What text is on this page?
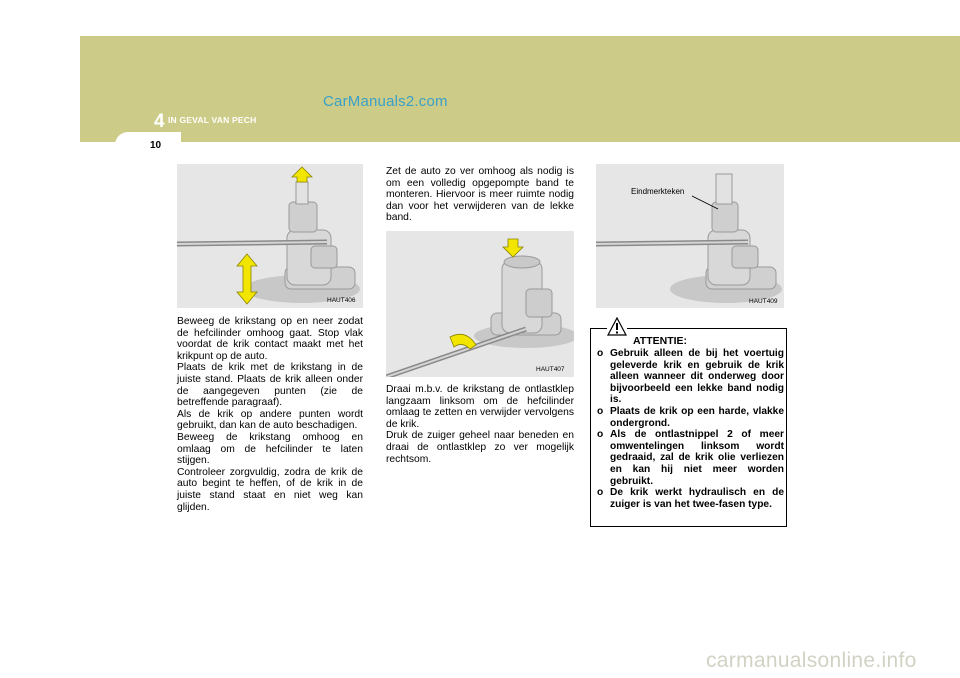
4 IN GEVAL VAN PECH
10
CarManuals2.com
HAUT406
HAUT407
Eindmerkteken
HAUT409

Beweeg de krikstang op en neer zodat de hefcilinder omhoog gaat. Stop vlak voordat de krik contact maakt met het krikpunt op de auto.

Plaats de krik met de krikstang in de juiste stand. Plaats de krik alleen onder de aangegeven punten (zie de betreffende paragraaf).

Als de krik op andere punten wordt gebruikt, dan kan de auto beschadigen.

Beweeg de krikstang omhoog en omlaag om de hefcilinder te laten stijgen.

Controleer zorgvuldig, zodra de krik de auto begint te heffen, of de krik in de juiste stand staat en niet weg kan glijden.

Zet de auto zo ver omhoog als nodig is om een volledig opgepompte band te monteren. Hiervoor is meer ruimte nodig dan voor het verwijderen van de lekke band.

Draai m.b.v. de krikstang de ontlastklep langzaam linksom om de hefcilinder omlaag te zetten en verwijder vervolgens de krik.

Druk de zuiger geheel naar beneden en draai de ontlastklep zo ver mogelijk rechtsom.

ATTENTIE:
o Gebruik alleen de bij het voertuig geleverde krik en gebruik de krik alleen wanneer dit onderweg door bijvoorbeeld een lekke band nodig is.
o Plaats de krik op een harde, vlakke ondergrond.
o Als de ontlastnippel 2 of meer omwentelingen linksom wordt gedraaid, zal de krik olie verliezen en kan hij niet meer worden gebruikt.
o De krik werkt hydraulisch en de zuiger is van het twee-fasen type.
carmanualsonline.info
